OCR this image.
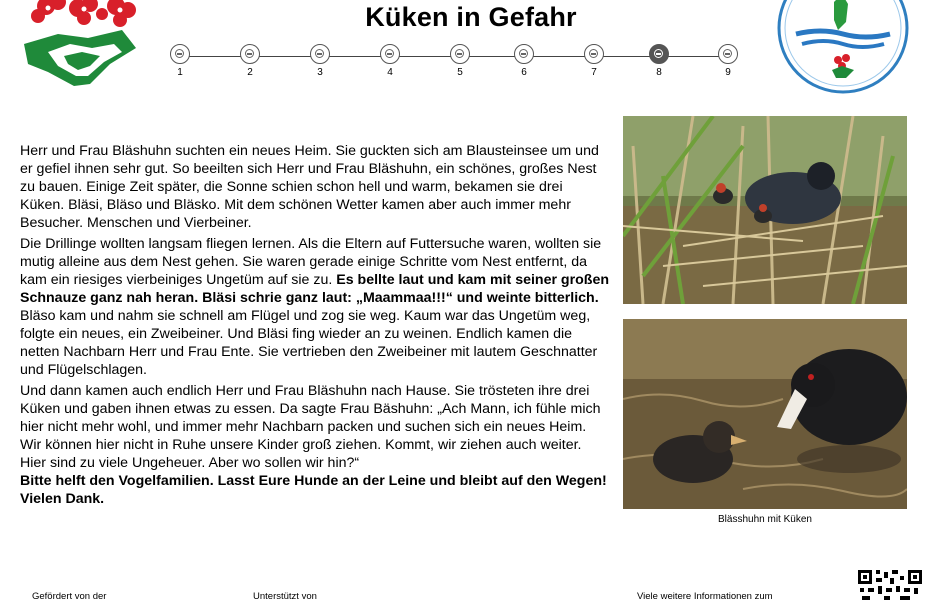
Küken in Gefahr
1	2	3	4	5	6	7	8	9

Herr und Frau Bläshuhn suchten ein neues Heim. Sie guckten sich am Blausteinsee um und er gefiel ihnen sehr gut. So beeilten sich Herr und Frau Bläshuhn, ein schönes, großes Nest zu bauen. Einige Zeit später, die Sonne schien schon hell und warm, bekamen sie drei Küken. Bläsi, Bläso und Bläsko. Mit dem schönen Wetter kamen aber auch immer mehr Besucher. Menschen und Vierbeiner.

Die Drillinge wollten langsam fliegen lernen. Als die Eltern auf Futtersuche waren, wollten sie mutig alleine aus dem Nest gehen. Sie waren gerade einige Schritte vom Nest entfernt, da kam ein riesiges vierbeiniges Ungetüm auf sie zu. Es bellte laut und kam mit seiner großen Schnauze ganz nah heran. Bläsi schrie ganz laut: „Maammaa!!!“ und weinte bitterlich. Bläso kam und nahm sie schnell am Flügel und zog sie weg. Kaum war das Ungetüm weg, folgte ein neues, ein Zweibeiner. Und Bläsi fing wieder an zu weinen. Endlich kamen die netten Nachbarn Herr und Frau Ente. Sie vertrieben den Zweibeiner mit lautem Geschnatter und Flügelschlagen.

Und dann kamen auch endlich Herr und Frau Bläshuhn nach Hause. Sie trösteten ihre drei Küken und gaben ihnen etwas zu essen. Da sagte Frau Bäshuhn: „Ach Mann, ich fühle mich hier nicht mehr wohl, und immer mehr Nachbarn packen und suchen sich ein neues Heim. Wir können hier nicht in Ruhe unsere Kinder groß ziehen. Kommt, wir ziehen auch weiter. Hier sind zu viele Ungeheuer. Aber wo sollen wir hin?“

Bitte helft den Vogelfamilien. Lasst Eure Hunde an der Leine und bleibt auf den Wegen!

Vielen Dank.

Blässhuhn mit Küken
Gefördert von der	Unterstützt von	Viele weitere Informationen zum
